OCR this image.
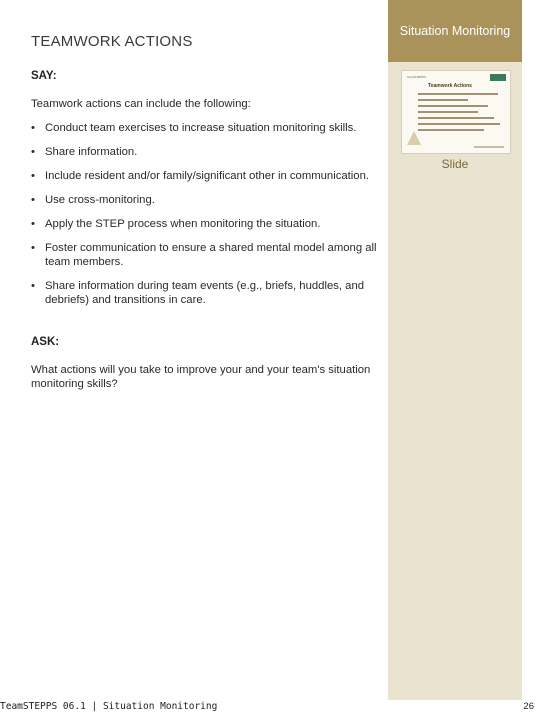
Situation Monitoring
TeamSTEPPS
Teamwork Actions
Slide
TEAMWORK ACTIONS

SAY:

Teamwork actions can include the following:

• Conduct team exercises to increase situation monitoring skills.
• Share information.
• Include resident and/or family/significant other in communication.
• Use cross-monitoring.
• Apply the STEP process when monitoring the situation.
• Foster communication to ensure a shared mental model among all team members.
• Share information during team events (e.g., briefs, huddles, and debriefs) and transitions in care.

ASK:

What actions will you take to improve your and your team's situation monitoring skills?

TeamSTEPPS 06.1 | Situation Monitoring	26
